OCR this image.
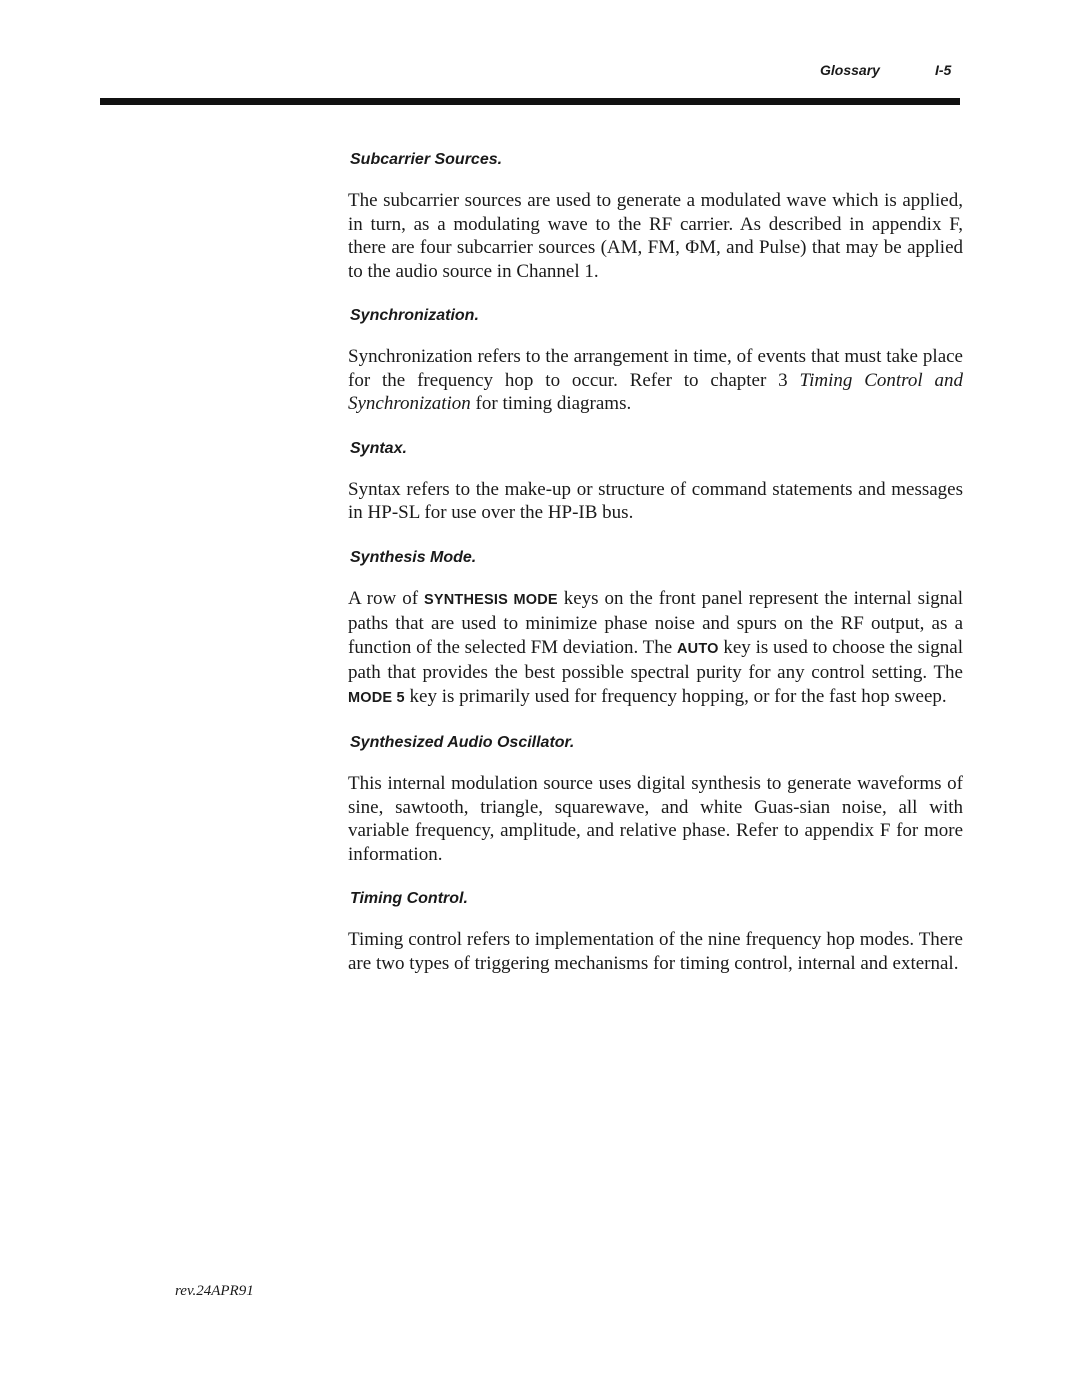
Glossary	I-5
Subcarrier Sources.
The subcarrier sources are used to generate a modulated wave which is applied, in turn, as a modulating wave to the RF carrier. As described in appendix F, there are four subcarrier sources (AM, FM, ΦM, and Pulse) that may be applied to the audio source in Channel 1.
Synchronization.
Synchronization refers to the arrangement in time, of events that must take place for the frequency hop to occur. Refer to chapter 3 Timing Control and Synchronization for timing diagrams.
Syntax.
Syntax refers to the make-up or structure of command statements and messages in HP-SL for use over the HP-IB bus.
Synthesis Mode.
A row of SYNTHESIS MODE keys on the front panel represent the internal signal paths that are used to minimize phase noise and spurs on the RF output, as a function of the selected FM deviation. The AUTO key is used to choose the signal path that provides the best possible spectral purity for any control setting. The MODE 5 key is primarily used for frequency hopping, or for the fast hop sweep.
Synthesized Audio Oscillator.
This internal modulation source uses digital synthesis to generate waveforms of sine, sawtooth, triangle, squarewave, and white Guas-sian noise, all with variable frequency, amplitude, and relative phase. Refer to appendix F for more information.
Timing Control.
Timing control refers to implementation of the nine frequency hop modes. There are two types of triggering mechanisms for timing control, internal and external.
rev.24APR91
